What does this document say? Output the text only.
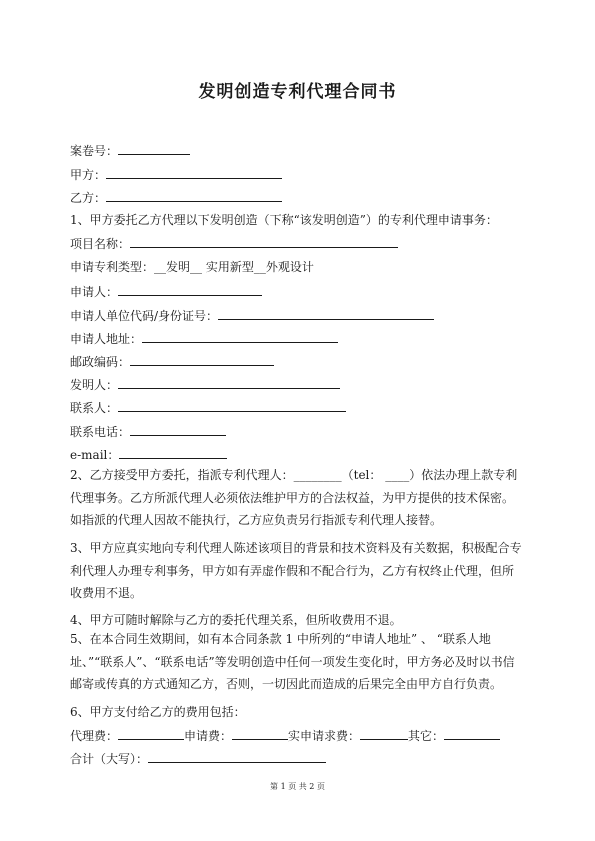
发明创造专利代理合同书
案卷号：
甲方：
乙方：
1、甲方委托乙方代理以下发明创造（下称“该发明创造”）的专利代理申请事务：
项目名称：
申请专利类型：__发明__ 实用新型__外观设计
申请人：
申请人单位代码/身份证号：
申请人地址：
邮政编码：
发明人：
联系人：
联系电话：
e-mail：
2、乙方接受甲方委托，指派专利代理人：________（tel： ____）依法办理上款专利代理事务。乙方所派代理人必须依法维护甲方的合法权益，为甲方提供的技术保密。如指派的代理人因故不能执行，乙方应负责另行指派专利代理人接替。
3、甲方应真实地向专利代理人陈述该项目的背景和技术资料及有关数据，积极配合专利代理人办理专利事务，甲方如有弄虚作假和不配合行为，乙方有权终止代理，但所收费用不退。
4、甲方可随时解除与乙方的委托代理关系，但所收费用不退。
5、在本合同生效期间，如有本合同条款 1 中所列的“申请人地址” 、 “联系人地址、”“联系人”、“联系电话”等发明创造中任何一项发生变化时，甲方务必及时以书信邮寄或传真的方式通知乙方，否则，一切因此而造成的后果完全由甲方自行负责。
6、甲方支付给乙方的费用包括：
代理费：	申请费：	实申请求费：	其它：
合计（大写）：
第 1 页 共 2 页
